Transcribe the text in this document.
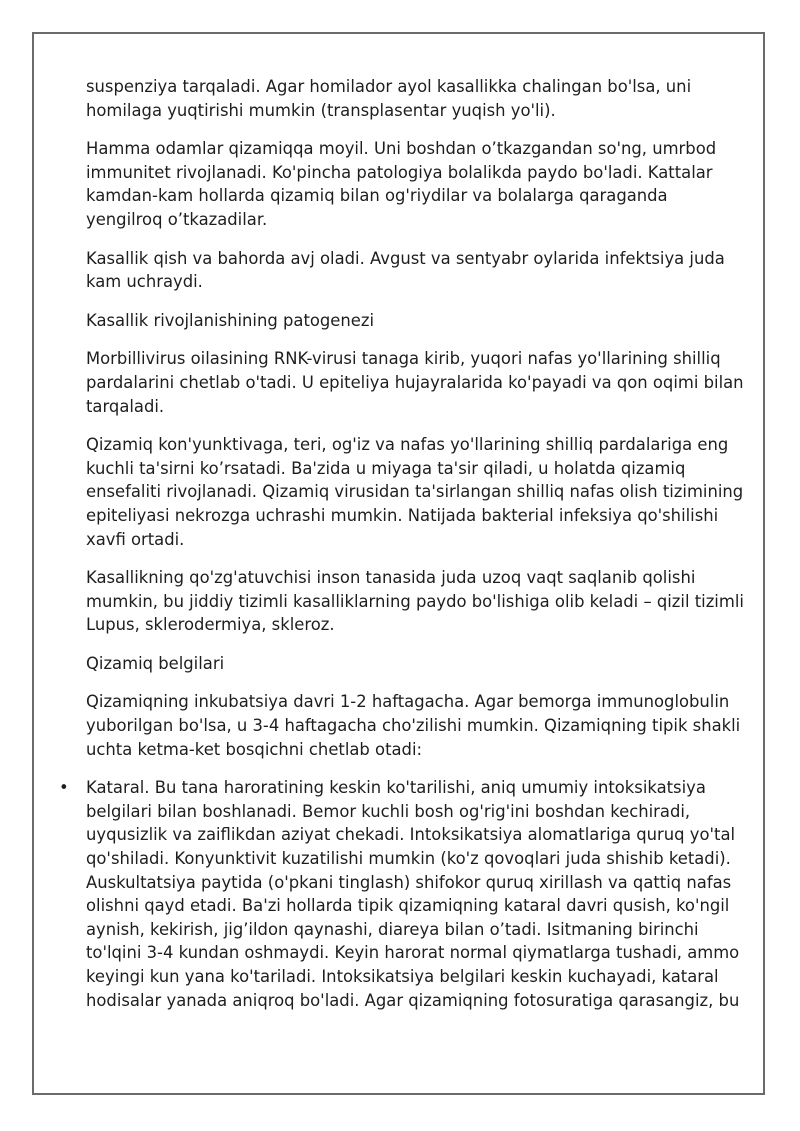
suspenziya tarqaladi. Agar homilador ayol kasallikka chalingan bo'lsa, uni homilaga yuqtirishi mumkin (transplasentar yuqish yo'li).

Hamma odamlar qizamiqqa moyil. Uni boshdan o’tkazgandan so'ng, umrbod immunitet rivojlanadi. Ko'pincha patologiya bolalikda paydo bo'ladi. Kattalar kamdan-kam hollarda qizamiq bilan og'riydilar va bolalarga qaraganda yengilroq o’tkazadilar.

Kasallik qish va bahorda avj oladi. Avgust va sentyabr oylarida infektsiya juda kam uchraydi.

Kasallik rivojlanishining patogenezi

Morbillivirus oilasining RNK-virusi tanaga kirib, yuqori nafas yo'llarining shilliq pardalarini chetlab o'tadi. U epiteliya hujayralarida ko'payadi va qon oqimi bilan tarqaladi.

Qizamiq kon'yunktivaga, teri, og'iz va nafas yo'llarining shilliq pardalariga eng kuchli ta'sirni ko’rsatadi. Ba'zida u miyaga ta'sir qiladi, u holatda qizamiq ensefaliti rivojlanadi. Qizamiq virusidan ta'sirlangan shilliq nafas olish tizimining epiteliyasi nekrozga uchrashi mumkin. Natijada bakterial infeksiya qo'shilishi xavfi ortadi.

Kasallikning qo'zg'atuvchisi inson tanasida juda uzoq vaqt saqlanib qolishi mumkin, bu jiddiy tizimli kasalliklarning paydo bo'lishiga olib keladi – qizil tizimli Lupus, sklerodermiya, skleroz.

Qizamiq belgilari

Qizamiqning inkubatsiya davri 1-2 haftagacha. Agar bemorga immunoglobulin yuborilgan bo'lsa, u 3-4 haftagacha cho'zilishi mumkin. Qizamiqning tipik shakli uchta ketma-ket bosqichni chetlab otadi:

• Kataral. Bu tana haroratining keskin ko'tarilishi, aniq umumiy intoksikatsiya belgilari bilan boshlanadi. Bemor kuchli bosh og'rig'ini boshdan kechiradi, uyqusizlik va zaiflikdan aziyat chekadi. Intoksikatsiya alomatlariga quruq yo'tal qo'shiladi. Konyunktivit kuzatilishi mumkin (ko'z qovoqlari juda shishib ketadi). Auskultatsiya paytida (o'pkani tinglash) shifokor quruq xirillash va qattiq nafas olishni qayd etadi. Ba'zi hollarda tipik qizamiqning kataral davri qusish, ko'ngil aynish, kekirish, jig’ildon qaynashi, diareya bilan o’tadi. Isitmaning birinchi to'lqini 3-4 kundan oshmaydi. Keyin harorat normal qiymatlarga tushadi, ammo keyingi kun yana ko'tariladi. Intoksikatsiya belgilari keskin kuchayadi, kataral hodisalar yanada aniqroq bo'ladi. Agar qizamiqning fotosuratiga qarasangiz, bu
